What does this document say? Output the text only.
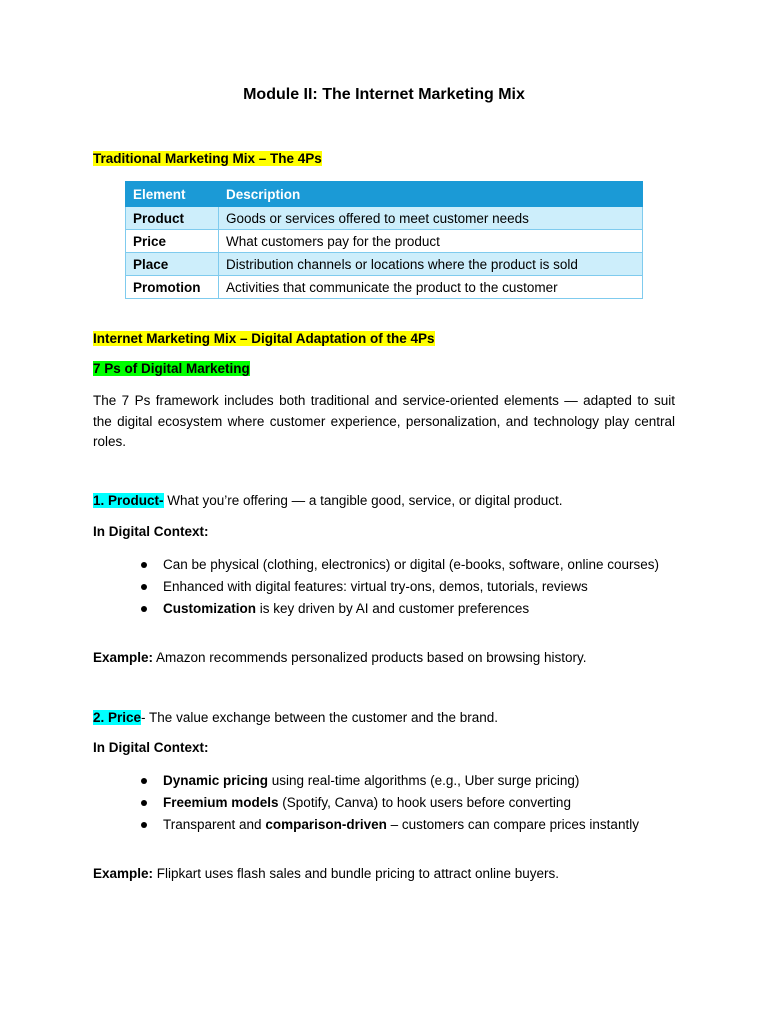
Module II: The Internet Marketing Mix
Traditional Marketing Mix – The 4Ps
Element	Description
Product	Goods or services offered to meet customer needs
Price	What customers pay for the product
Place	Distribution channels or locations where the product is sold
Promotion	Activities that communicate the product to the customer
Internet Marketing Mix – Digital Adaptation of the 4Ps
7 Ps of Digital Marketing
The 7 Ps framework includes both traditional and service-oriented elements — adapted to suit the digital ecosystem where customer experience, personalization, and technology play central roles.
1. Product- What you’re offering — a tangible good, service, or digital product.
In Digital Context:
Can be physical (clothing, electronics) or digital (e-books, software, online courses)
Enhanced with digital features: virtual try-ons, demos, tutorials, reviews
Customization is key driven by AI and customer preferences
Example: Amazon recommends personalized products based on browsing history.
2. Price- The value exchange between the customer and the brand.
In Digital Context:
Dynamic pricing using real-time algorithms (e.g., Uber surge pricing)
Freemium models (Spotify, Canva) to hook users before converting
Transparent and comparison-driven – customers can compare prices instantly
Example: Flipkart uses flash sales and bundle pricing to attract online buyers.
